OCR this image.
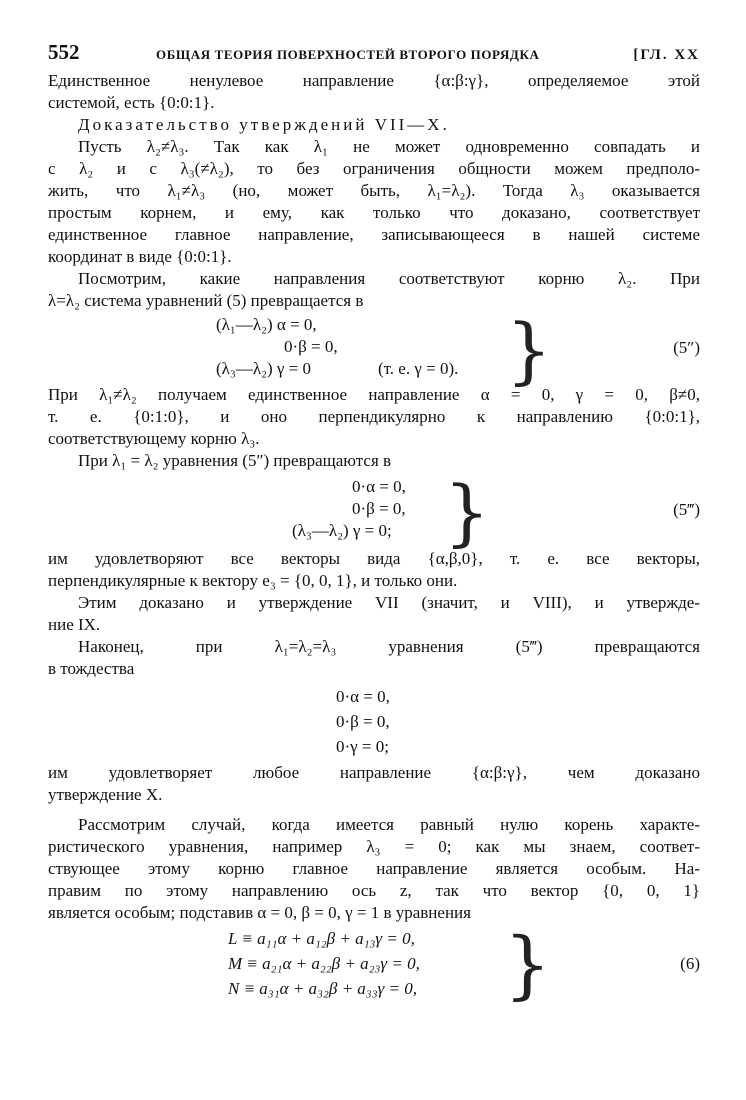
552	ОБЩАЯ ТЕОРИЯ ПОВЕРХНОСТЕЙ ВТОРОГО ПОРЯДКА	[ГЛ. XX
Единственное ненулевое направление {α:β:γ}, определяемое этой
системой, есть {0:0:1}.
Доказательство утверждений VII—X.
Пусть λ₂≠λ₃. Так как λ₁ не может одновременно совпадать и
с λ₂ и с λ₃(≠λ₂), то без ограничения общности можем предполо-
жить, что λ₁≠λ₃ (но, может быть, λ₁=λ₂). Тогда λ₃ оказывается
простым корнем, и ему, как только что доказано, соответствует
единственное главное направление, записывающееся в нашей системе
координат в виде {0:0:1}.
Посмотрим, какие направления соответствуют корню λ₂. При
λ=λ₂ система уравнений (5) превращается в
(λ₁—λ₂) α = 0,
0·β = 0,
(λ₃—λ₂) γ = 0	(т. е. γ = 0). }	(5″)
При λ₁≠λ₂ получаем единственное направление α = 0, γ = 0, β≠0,
т. е. {0:1:0}, и оно перпендикулярно к направлению {0:0:1},
соответствующему корню λ₃.
При λ₁ = λ₂ уравнения (5″) превращаются в
0·α = 0,
0·β = 0,
(λ₃—λ₂) γ = 0; }	(5‴)
им удовлетворяют все векторы вида {α,β,0}, т. е. все векторы,
перпендикулярные к вектору e₃ = {0, 0, 1}, и только они.
Этим доказано и утверждение VII (значит, и VIII), и утвержде-
ние IX.
Наконец, при λ₁=λ₂=λ₃ уравнения (5‴) превращаются
в тождества
0·α = 0,
0·β = 0,
0·γ = 0;
им удовлетворяет любое направление {α:β:γ}, чем доказано
утверждение X.
Рассмотрим случай, когда имеется равный нулю корень характе-
ристического уравнения, например λ₃ = 0; как мы знаем, соответ-
ствующее этому корню главное направление является особым. На-
правим по этому направлению ось z, так что вектор {0, 0, 1}
является особым; подставив α = 0, β = 0, γ = 1 в уравнения
L ≡ a₁₁α + a₁₂β + a₁₃γ = 0,
M ≡ a₂₁α + a₂₂β + a₂₃γ = 0,
N ≡ a₃₁α + a₃₂β + a₃₃γ = 0, }	(6)
